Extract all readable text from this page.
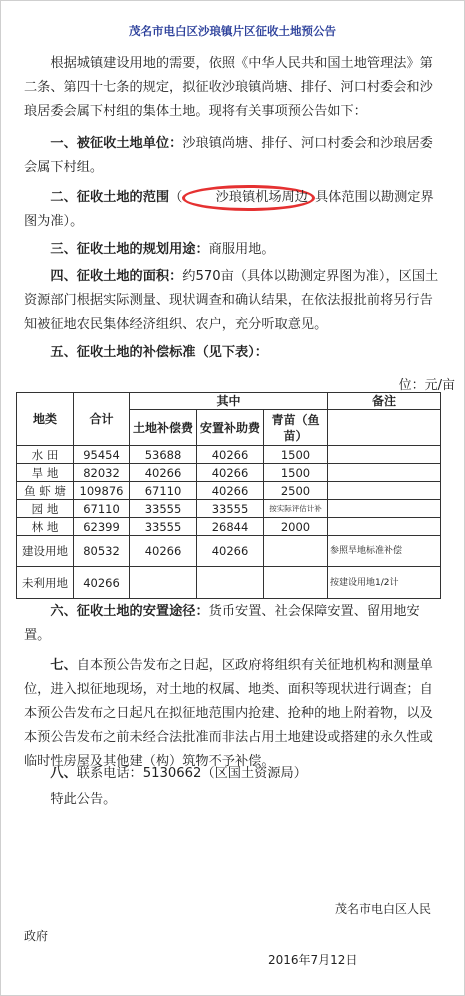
茂名市电白区沙琅镇片区征收土地预公告
根据城镇建设用地的需要，依照《中华人民共和国土地管理法》第二条、第四十七条的规定，拟征收沙琅镇尚塘、排仔、河口村委会和沙琅居委会属下村组的集体土地。现将有关事项预公告如下：
一、被征收土地单位：沙琅镇尚塘、排仔、河口村委会和沙琅居委会属下村组。
二、征收土地的范围（	沙琅镇机场周边 具体范围以勘测定界图为准）。
三、征收土地的规划用途：商服用地。
四、征收土地的面积：约570亩（具体以勘测定界图为准），区国土资源部门根据实际测量、现状调查和确认结果，在依法报批前将另行告知被征地农民集体经济组织、农户，充分听取意见。
五、征收土地的补偿标准（见下表）：
位：元/亩
地类	合计	其中			备注
		土地补偿费	安置补助费	青苗（鱼苗）	
水 田	95454	53688	40266	1500	
旱 地	82032	40266	40266	1500	
鱼 虾 塘	109876	67110	40266	2500	
园 地	67110	33555	33555	按实际评估计补	
林 地	62399	33555	26844	2000	
建设用地	80532	40266	40266		参照旱地标准补偿
未利用地	40266				按建设用地1/2计
六、征收土地的安置途径：货币安置、社会保障安置、留用地安置。
七、自本预公告发布之日起，区政府将组织有关征地机构和测量单位，进入拟征地现场，对土地的权属、地类、面积等现状进行调查；自本预公告发布之日起凡在拟征地范围内抢建、抢种的地上附着物，以及本预公告发布之前未经合法批准而非法占用土地建设或搭建的永久性或临时性房屋及其他建（构）筑物不予补偿。
八、联系电话：5130662（区国土资源局）
特此公告。
茂名市电白区人民
政府
2016年7月12日
